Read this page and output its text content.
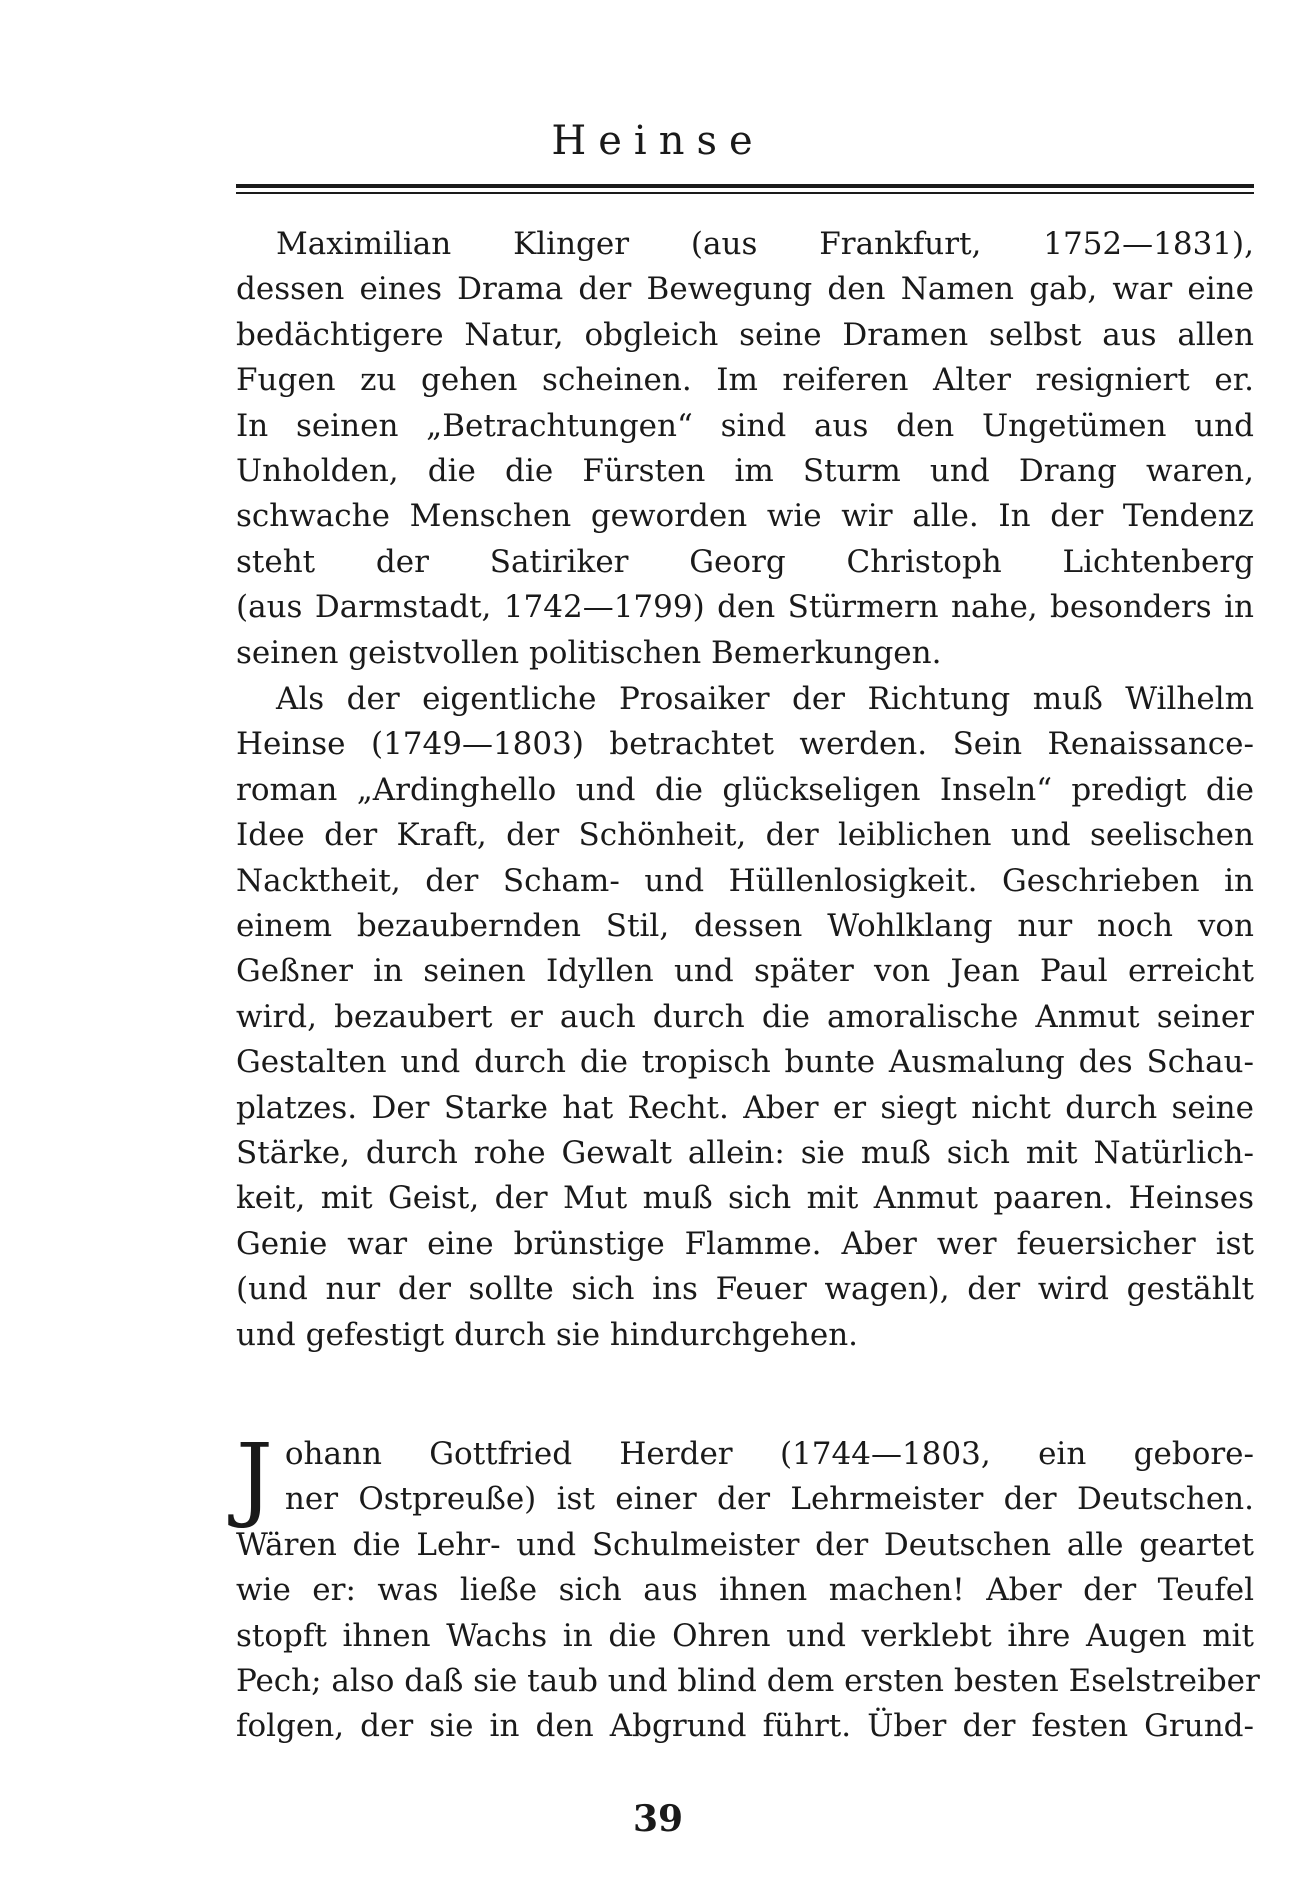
Heinse
Maximilian Klinger (aus Frankfurt, 1752—1831),
dessen eines Drama der Bewegung den Namen gab, war eine
bedächtigere Natur, obgleich seine Dramen selbst aus allen
Fugen zu gehen scheinen. Im reiferen Alter resigniert er.
In seinen „Betrachtungen“ sind aus den Ungetümen und
Unholden, die die Fürsten im Sturm und Drang waren,
schwache Menschen geworden wie wir alle. In der Tendenz
steht der Satiriker Georg Christoph Lichtenberg
(aus Darmstadt, 1742—1799) den Stürmern nahe, besonders in
seinen geistvollen politischen Bemerkungen.
Als der eigentliche Prosaiker der Richtung muß Wilhelm
Heinse (1749—1803) betrachtet werden. Sein Renaissance-
roman „Ardinghello und die glückseligen Inseln“ predigt die
Idee der Kraft, der Schönheit, der leiblichen und seelischen
Nacktheit, der Scham- und Hüllenlosigkeit. Geschrieben in
einem bezaubernden Stil, dessen Wohlklang nur noch von
Geßner in seinen Idyllen und später von Jean Paul erreicht
wird, bezaubert er auch durch die amoralische Anmut seiner
Gestalten und durch die tropisch bunte Ausmalung des Schau-
platzes. Der Starke hat Recht. Aber er siegt nicht durch seine
Stärke, durch rohe Gewalt allein: sie muß sich mit Natürlich-
keit, mit Geist, der Mut muß sich mit Anmut paaren. Heinses
Genie war eine brünstige Flamme. Aber wer feuersicher ist
(und nur der sollte sich ins Feuer wagen), der wird gestählt
und gefestigt durch sie hindurchgehen.
J ohann Gottfried Herder (1744—1803, ein gebore-
ner Ostpreuße) ist einer der Lehrmeister der Deutschen.
Wären die Lehr- und Schulmeister der Deutschen alle geartet
wie er: was ließe sich aus ihnen machen! Aber der Teufel
stopft ihnen Wachs in die Ohren und verklebt ihre Augen mit
Pech; also daß sie taub und blind dem ersten besten Eselstreiber
folgen, der sie in den Abgrund führt. Über der festen Grund-
39
